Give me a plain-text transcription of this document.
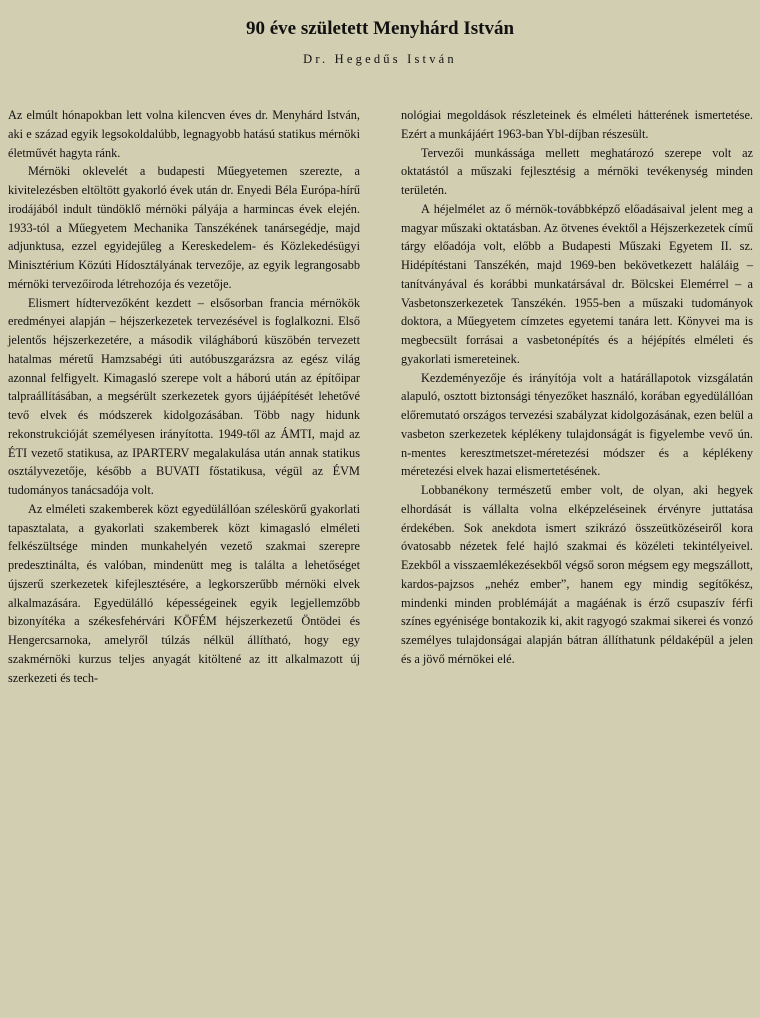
90 éve született Menyhárd István
Dr. Hegedűs István

Az elmúlt hónapokban lett volna kilencven éves dr. Menyhárd István, aki e század egyik legsokoldalúbb, legnagyobb hatású statikus mérnöki életművét hagyta ránk.

Mérnöki oklevelét a budapesti Műegyetemen szerezte, a kivitelezésben eltöltött gyakorló évek után dr. Enyedi Béla Európa-hírű irodájából indult tündöklő mérnöki pályája a harmincas évek elején. 1933-tól a Műegyetem Mechanika Tanszékének tanársegédje, majd adjunktusa, ezzel egyidejűleg a Kereskedelem- és Közlekedésügyi Minisztérium Közúti Hídosztályának tervezője, az egyik legrangosabb mérnöki tervezőiroda létrehozója és vezetője.

Elismert hídtervezőként kezdett – elsősorban francia mérnökök eredményei alapján – héjszerkezetek tervezésével is foglalkozni. Első jelentős héjszerkezetére, a második világháború küszöbén tervezett hatalmas méretű Hamzsabégi úti autóbuszgarázsra az egész világ azonnal felfigyelt. Kimagasló szerepe volt a háború után az építőipar talpraállításában, a megsérült szerkezetek gyors újjáépítését lehetővé tevő elvek és módszerek kidolgozásában. Több nagy hidunk rekonstrukcióját személyesen irányította. 1949-től az ÁMTI, majd az ÉTI vezető statikusa, az IPARTERV megalakulása után annak statikus osztályvezetője, később a BUVATI főstatikusa, végül az ÉVM tudományos tanácsadója volt.

Az elméleti szakemberek közt egyedülállóan széleskörű gyakorlati tapasztalata, a gyakorlati szakemberek közt kimagasló elméleti felkészültsége minden munkahelyén vezető szakmai szerepre predesztinálta, és valóban, mindenütt meg is találta a lehetőséget újszerű szerkezetek kifejlesztésére, a legkorszerűbb mérnöki elvek alkalmazására. Egyedülálló képességeinek egyik legjellemzőbb bizonyítéka a székesfehérvári KÖFÉM héjszerkezetű Öntödei és Hengercsarnoka, amelyről túlzás nélkül állítható, hogy egy szakmérnöki kurzus teljes anyagát kitöltené az itt alkalmazott új szerkezeti és tech-

nológiai megoldások részleteinek és elméleti hátterének ismertetése. Ezért a munkájáért 1963-ban Ybl-díjban részesült.

Tervezői munkássága mellett meghatározó szerepe volt az oktatástól a műszaki fejlesztésig a mérnöki tevékenység minden területén.

A héjelmélet az ő mérnök-továbbképző előadásaival jelent meg a magyar műszaki oktatásban. Az ötvenes évektől a Héjszerkezetek című tárgy előadója volt, előbb a Budapesti Műszaki Egyetem II. sz. Hidépítéstani Tanszékén, majd 1969-ben bekövetkezett haláláig – tanítványával és korábbi munkatársával dr. Bölcskei Elemérrel – a Vasbetonszerkezetek Tanszékén. 1955-ben a műszaki tudományok doktora, a Műegyetem címzetes egyetemi tanára lett. Könyvei ma is megbecsült forrásai a vasbetonépítés és a héjépítés elméleti és gyakorlati ismereteinek.

Kezdeményezője és irányítója volt a határállapotok vizsgálatán alapuló, osztott biztonsági tényezőket használó, korában egyedülállóan előremutató országos tervezési szabályzat kidolgozásának, ezen belül a vasbeton szerkezetek képlékeny tulajdonságát is figyelembe vevő ún. n-mentes keresztmetszet-méretezési módszer és a képlékeny méretezési elvek hazai elismertetésének.

Lobbanékony természetű ember volt, de olyan, aki hegyek elhordását is vállalta volna elképzeléseinek érvényre juttatása érdekében. Sok anekdota ismert szikrázó összeütközéseiről kora óvatosabb nézetek felé hajló szakmai és közéleti tekintélyeivel. Ezekből a visszaemlékezésekből végső soron mégsem egy megszállott, kardos-pajzsos „nehéz ember”, hanem egy mindig segítőkész, mindenki minden problémáját a magáénak is érző csupaszív férfi színes egyénisége bontakozik ki, akit ragyogó szakmai sikerei és vonzó személyes tulajdonságai alapján bátran állíthatunk példaképül a jelen és a jövő mérnökei elé.
